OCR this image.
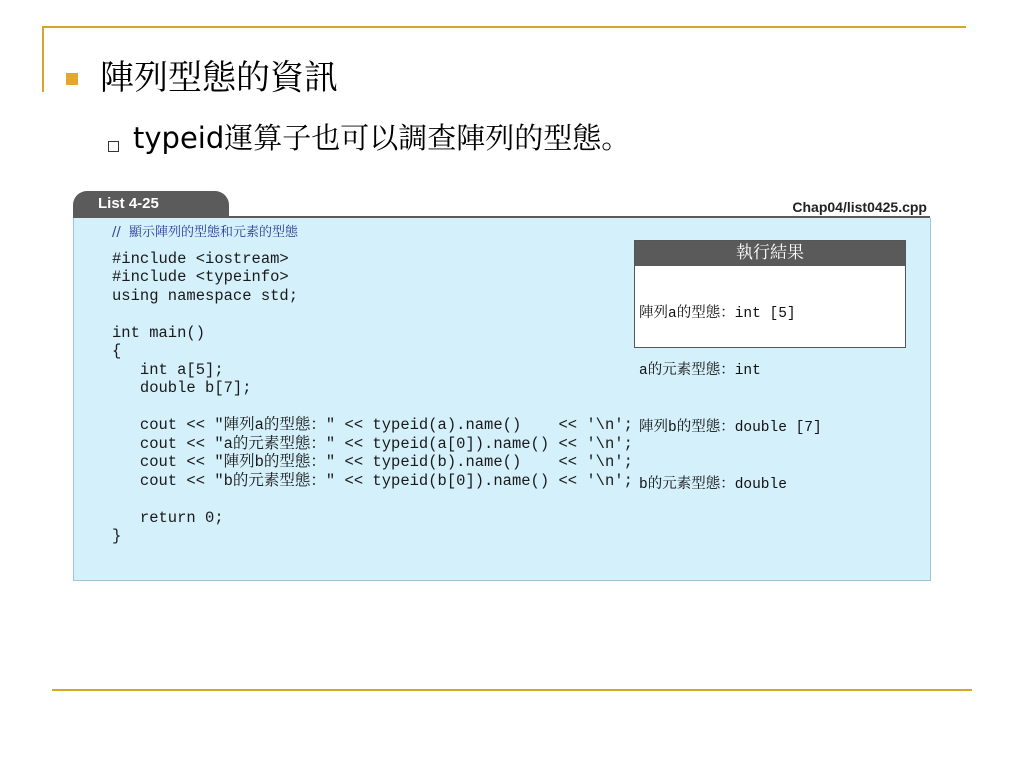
陣列型態的資訊
typeid運算子也可以調查陣列的型態。
List 4-25	Chap04/list0425.cpp
//  顯示陣列的型態和元素的型態
#include <iostream>
#include <typeinfo>
using namespace std;

int main()
{
int a[5];
double b[7];

cout << "陣列a的型態：" << typeid(a).name()    << '\n';
cout << "a的元素型態：" << typeid(a[0]).name() << '\n';
cout << "陣列b的型態：" << typeid(b).name()    << '\n';
cout << "b的元素型態：" << typeid(b[0]).name() << '\n';

return 0;
}
執行結果

陣列a的型態：int [5]

a的元素型態：int

陣列b的型態：double [7]

b的元素型態：double
